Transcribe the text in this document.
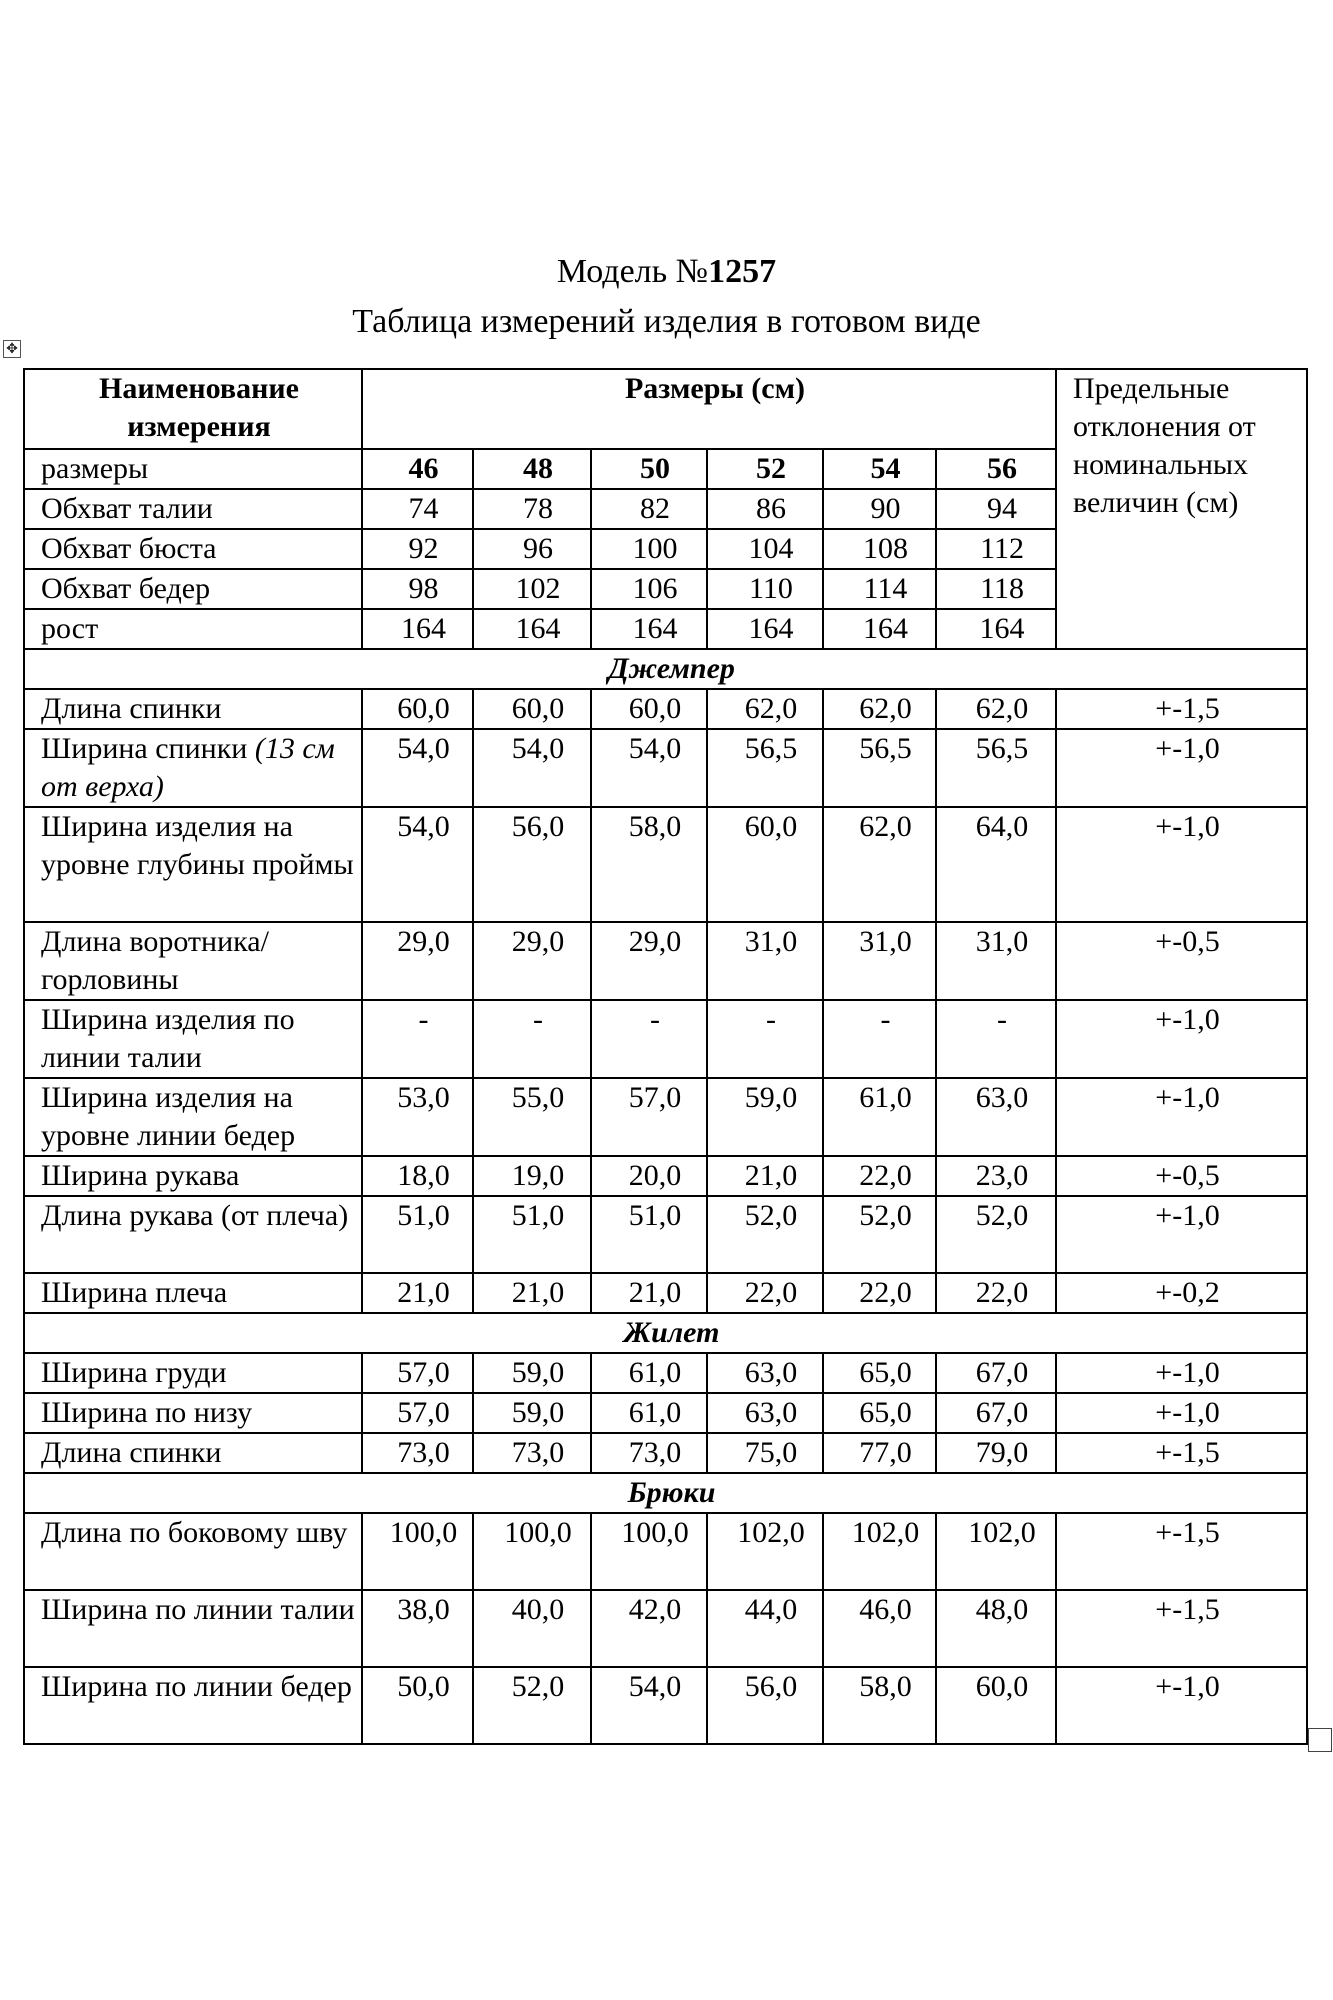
Модель №1257
Таблица измерений изделия в готовом виде
✥
Наименование измерения	Размеры (см)						Предельные отклонения от номинальных величин (см)
размеры	46	48	50	52	54	56	
Обхват талии	74	78	82	86	90	94	
Обхват бюста	92	96	100	104	108	112	
Обхват бедер	98	102	106	110	114	118	
рост	164	164	164	164	164	164	
Джемпер							
Длина спинки	60,0	60,0	60,0	62,0	62,0	62,0	+-1,5
Ширина спинки (13 см от верха)	54,0	54,0	54,0	56,5	56,5	56,5	+-1,0
Ширина изделия на уровне глубины проймы	54,0	56,0	58,0	60,0	62,0	64,0	+-1,0
Длина воротника/горловины	29,0	29,0	29,0	31,0	31,0	31,0	+-0,5
Ширина изделия по линии талии	-	-	-	-	-	-	+-1,0
Ширина изделия на уровне линии бедер	53,0	55,0	57,0	59,0	61,0	63,0	+-1,0
Ширина рукава	18,0	19,0	20,0	21,0	22,0	23,0	+-0,5
Длина рукава (от плеча)	51,0	51,0	51,0	52,0	52,0	52,0	+-1,0
Ширина плеча	21,0	21,0	21,0	22,0	22,0	22,0	+-0,2
Жилет							
Ширина груди	57,0	59,0	61,0	63,0	65,0	67,0	+-1,0
Ширина по низу	57,0	59,0	61,0	63,0	65,0	67,0	+-1,0
Длина спинки	73,0	73,0	73,0	75,0	77,0	79,0	+-1,5
Брюки							
Длина по боковому шву	100,0	100,0	100,0	102,0	102,0	102,0	+-1,5
Ширина по линии талии	38,0	40,0	42,0	44,0	46,0	48,0	+-1,5
Ширина по линии бедер	50,0	52,0	54,0	56,0	58,0	60,0	+-1,0
